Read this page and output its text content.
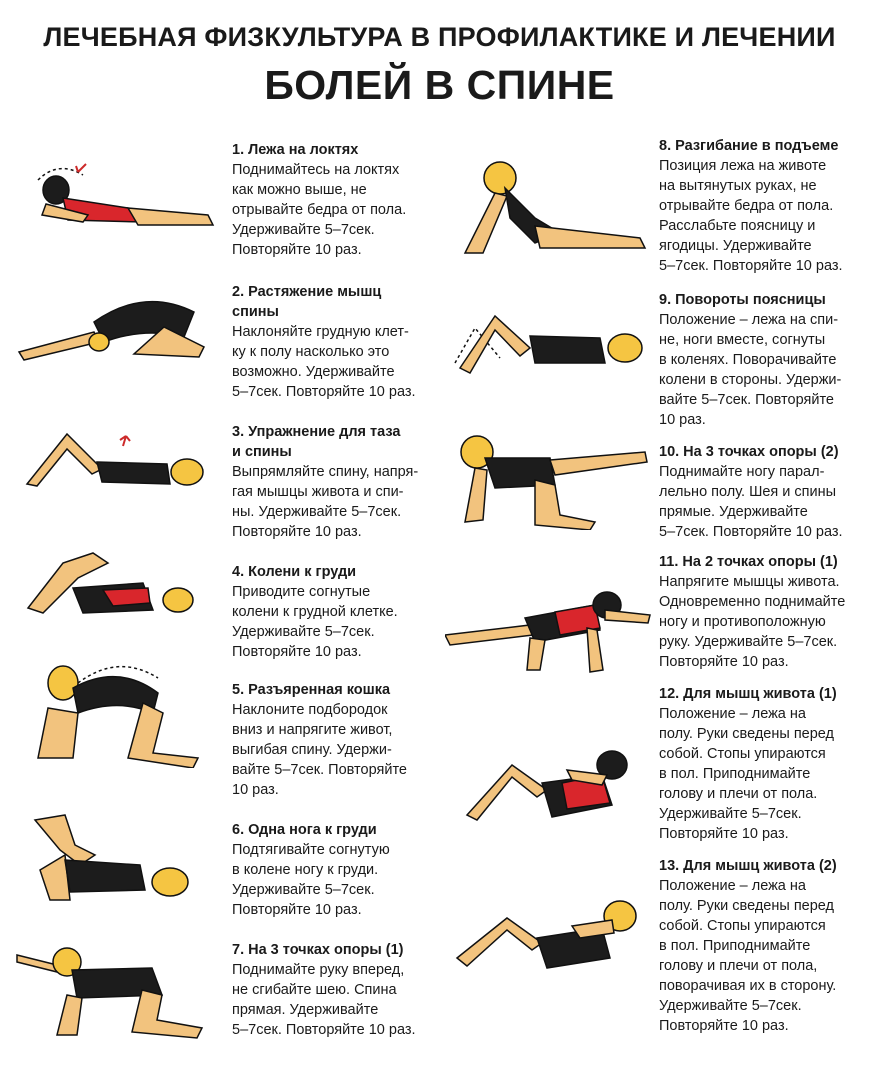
ЛЕЧЕБНАЯ ФИЗКУЛЬТУРА В ПРОФИЛАКТИКЕ И ЛЕЧЕНИИ
БОЛЕЙ В СПИНЕ
1. Лежа на локтях
Поднимайтесь на локтях
как можно выше, не
отрывайте бедра от пола.
Удерживайте 5–7сек.
Повторяйте 10 раз.
2. Растяжение мышц
спины
Наклоняйте грудную клет-
ку к полу насколько это
возможно. Удерживайте
5–7сек. Повторяйте 10 раз.
3. Упражнение для таза
и спины
Выпрямляйте спину, напря-
гая мышцы живота и спи-
ны. Удерживайте 5–7сек.
Повторяйте 10 раз.
4. Колени к груди
Приводите согнутые
колени к грудной клетке.
Удерживайте 5–7сек.
Повторяйте 10 раз.
5. Разъяренная кошка
Наклоните подбородок
вниз и напрягите живот,
выгибая спину. Удержи-
вайте 5–7сек. Повторяйте
10 раз.
6. Одна нога к груди
Подтягивайте согнутую
в колене ногу к груди.
Удерживайте 5–7сек.
Повторяйте 10 раз.
7. На 3 точках опоры (1)
Поднимайте руку вперед,
не сгибайте шею. Спина
прямая. Удерживайте
5–7сек. Повторяйте 10 раз.
8. Разгибание в подъеме
Позиция лежа на животе
на вытянутых руках, не
отрывайте бедра от пола.
Расслабьте поясницу и
ягодицы. Удерживайте
5–7сек. Повторяйте 10 раз.
9. Повороты поясницы
Положение – лежа на спи-
не, ноги вместе, согнуты
в коленях. Поворачивайте
колени в стороны. Удержи-
вайте 5–7сек. Повторяйте
10 раз.
10. На 3 точках опоры (2)
Поднимайте ногу парал-
лельно полу. Шея и спины
прямые. Удерживайте
5–7сек. Повторяйте 10 раз.
11. На 2 точках опоры (1)
Напрягите мышцы живота.
Одновременно поднимайте
ногу и противоположную
руку. Удерживайте 5–7сек.
Повторяйте 10 раз.
12. Для мышц живота (1)
Положение – лежа на
полу. Руки сведены перед
собой. Стопы упираются
в пол. Приподнимайте
голову и плечи от пола.
Удерживайте 5–7сек.
Повторяйте 10 раз.
13. Для мышц живота (2)
Положение – лежа на
полу. Руки сведены перед
собой. Стопы упираются
в пол. Приподнимайте
голову и плечи от пола,
поворачивая их в сторону.
Удерживайте 5–7сек.
Повторяйте 10 раз.
